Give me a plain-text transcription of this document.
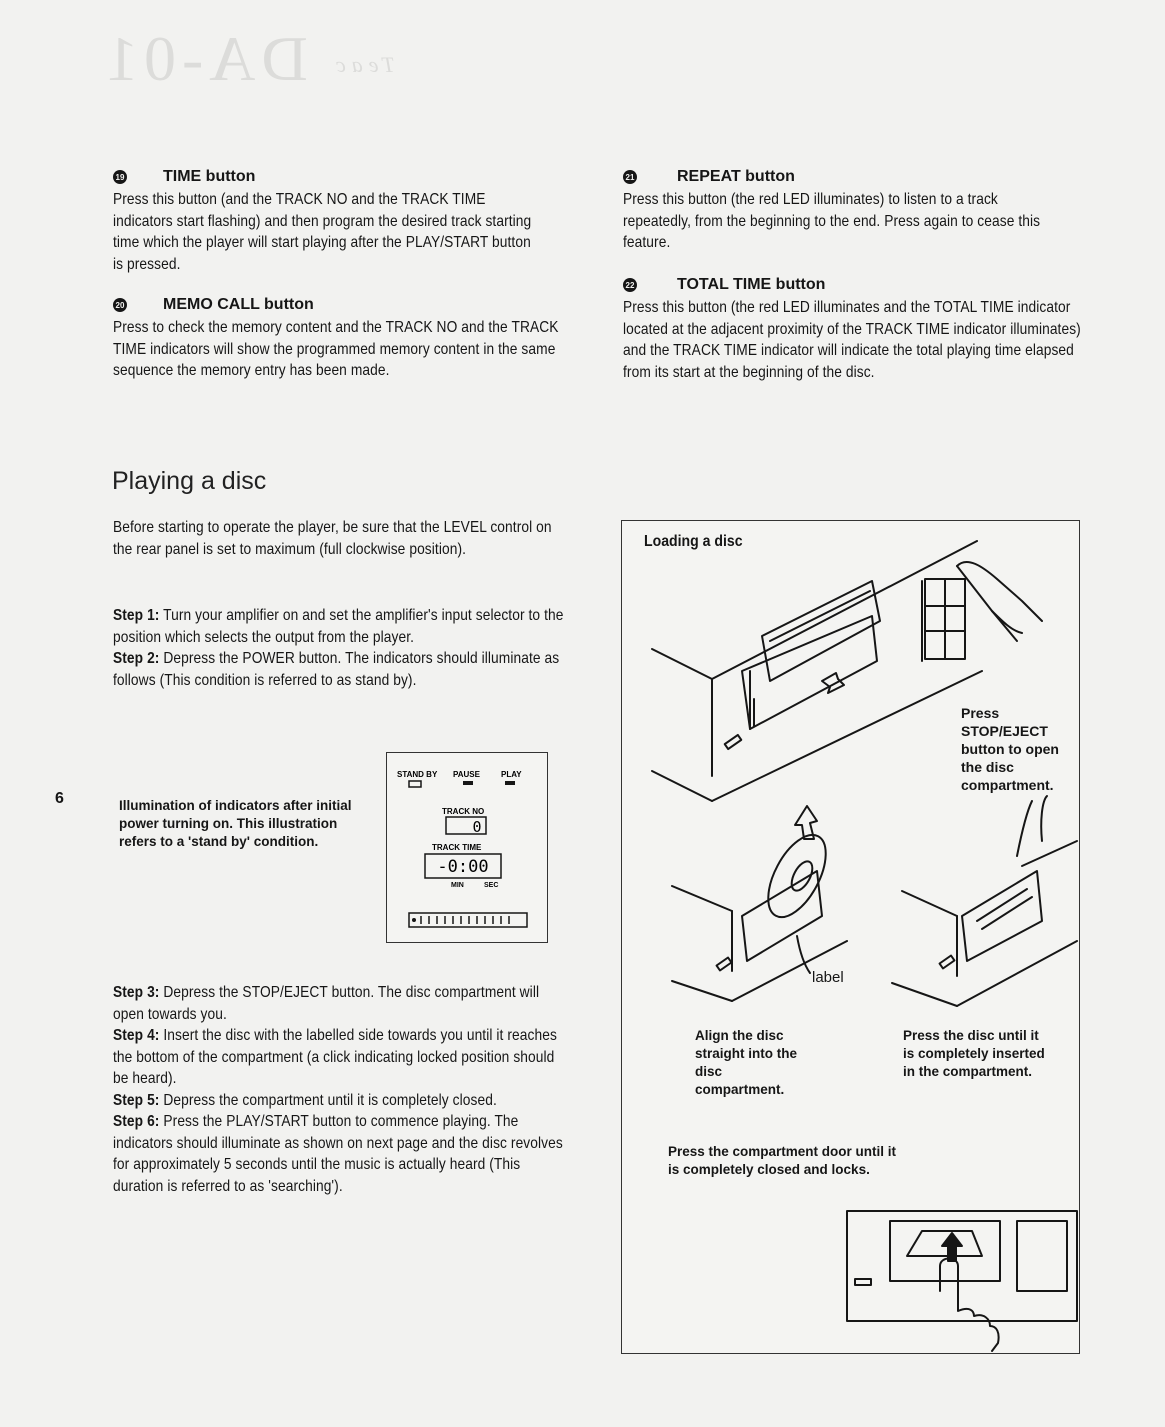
DA-01 Teac
19 TIME button

Press this button (and the TRACK NO and the TRACK TIME indicators start flashing) and then program the desired track starting time which the player will start playing after the PLAY/START button is pressed.

20 MEMO CALL button

Press to check the memory content and the TRACK NO and the TRACK TIME indicators will show the programmed memory content in the same sequence the memory entry has been made.

21	REPEAT button

Press this button (the red LED illuminates) to listen to a track repeatedly, from the beginning to the end. Press again to cease this feature.

22	TOTAL TIME button

Press this button (the red LED illuminates and the TOTAL TIME indicator located at the adjacent proximity of the TRACK TIME indicator illuminates) and the TRACK TIME indicator will indicate the total playing time elapsed from its start at the beginning of the disc.

Playing a disc

Before starting to operate the player, be sure that the LEVEL control on the rear panel is set to maximum (full clockwise position).

Step 1: Turn your amplifier on and set the amplifier's input selector to the position which selects the output from the player.

Step 2: Depress the POWER button. The indicators should illuminate as follows (This condition is referred to as stand by).

6	Illumination of indicators after initial power turning on. This illustration refers to a 'stand by' condition.

STAND BY PAUSE	PLAY
TRACK NO
0
TRACK TIME
-0:00
MIN	SEC

Step 3: Depress the STOP/EJECT button. The disc compartment will open towards you.

Step 4: Insert the disc with the labelled side towards you until it reaches the bottom of the compartment (a click indicating locked position should be heard).

Step 5: Depress the compartment until it is completely closed.

Step 6: Press the PLAY/START button to commence playing. The indicators should illuminate as shown on next page and the disc revolves for approximately 5 seconds until the music is actually heard (This duration is referred to as 'searching').

Loading a disc

Press STOP/EJECT button to open the disc compartment.

label

Align the disc straight into the disc compartment.

Press the disc until it is completely inserted in the compartment.

Press the compartment door until it is completely closed and locks.
